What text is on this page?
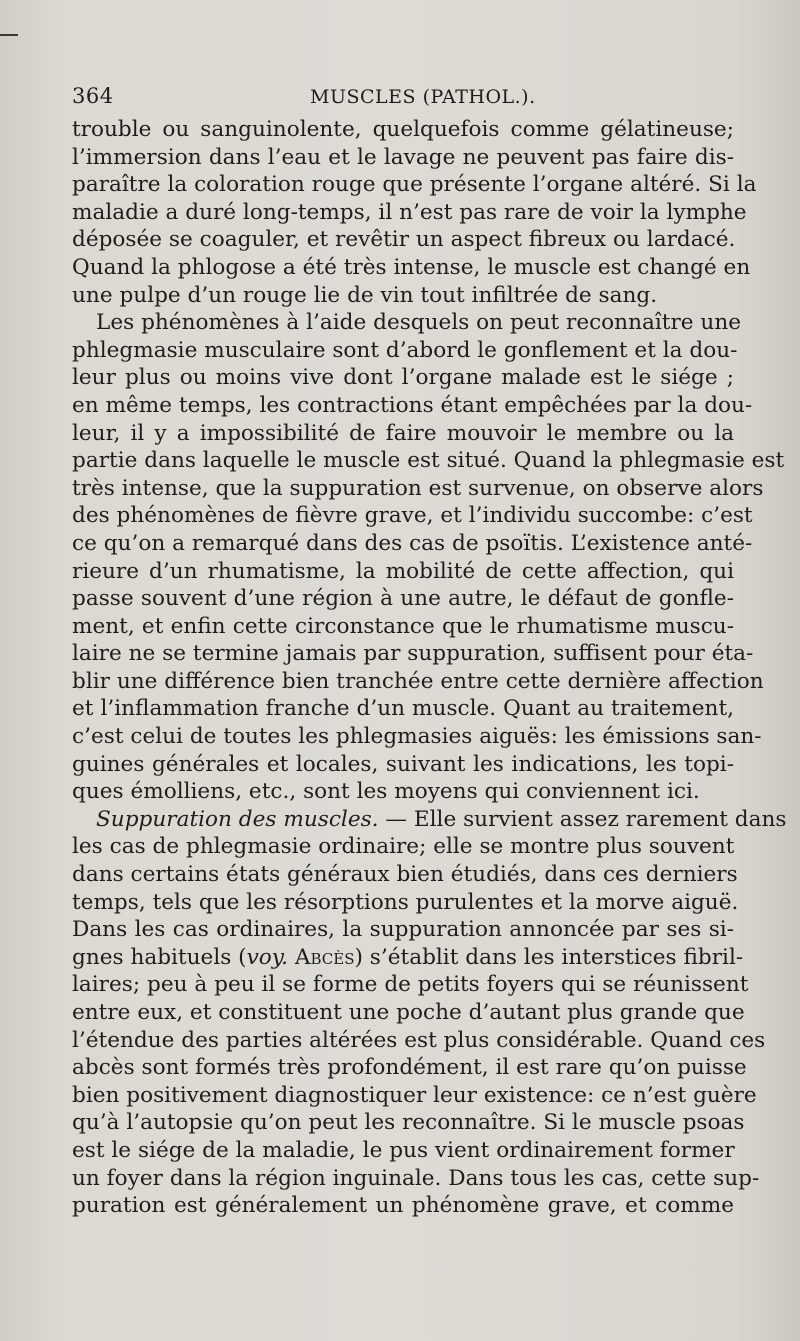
364	MUSCLES (PATHOL.).

trouble ou sanguinolente, quelquefois comme gélatineuse;
l’immersion dans l’eau et le lavage ne peuvent pas faire dis-
paraître la coloration rouge que présente l’organe altéré. Si la
maladie a duré long-temps, il n’est pas rare de voir la lymphe
déposée se coaguler, et revêtir un aspect fibreux ou lardacé.
Quand la phlogose a été très intense, le muscle est changé en
une pulpe d’un rouge lie de vin tout infiltrée de sang.

Les phénomènes à l’aide desquels on peut reconnaître une
phlegmasie musculaire sont d’abord le gonflement et la dou-
leur plus ou moins vive dont l’organe malade est le siége ;
en même temps, les contractions étant empêchées par la dou-
leur, il y a impossibilité de faire mouvoir le membre ou la
partie dans laquelle le muscle est situé. Quand la phlegmasie est
très intense, que la suppuration est survenue, on observe alors
des phénomènes de fièvre grave, et l’individu succombe: c’est
ce qu’on a remarqué dans des cas de psoïtis. L’existence anté-
rieure d’un rhumatisme, la mobilité de cette affection, qui
passe souvent d’une région à une autre, le défaut de gonfle-
ment, et enfin cette circonstance que le rhumatisme muscu-
laire ne se termine jamais par suppuration, suffisent pour éta-
blir une différence bien tranchée entre cette dernière affection
et l’inflammation franche d’un muscle. Quant au traitement,
c’est celui de toutes les phlegmasies aiguës: les émissions san-
guines générales et locales, suivant les indications, les topi-
ques émolliens, etc., sont les moyens qui conviennent ici.

Suppuration des muscles. — Elle survient assez rarement dans
les cas de phlegmasie ordinaire; elle se montre plus souvent
dans certains états généraux bien étudiés, dans ces derniers
temps, tels que les résorptions purulentes et la morve aiguë.
Dans les cas ordinaires, la suppuration annoncée par ses si-
gnes habituels (voy. Abcès) s’établit dans les interstices fibril-
laires; peu à peu il se forme de petits foyers qui se réunissent
entre eux, et constituent une poche d’autant plus grande que
l’étendue des parties altérées est plus considérable. Quand ces
abcès sont formés très profondément, il est rare qu’on puisse
bien positivement diagnostiquer leur existence: ce n’est guère
qu’à l’autopsie qu’on peut les reconnaître. Si le muscle psoas
est le siége de la maladie, le pus vient ordinairement former
un foyer dans la région inguinale. Dans tous les cas, cette sup-
puration est généralement un phénomène grave, et comme
